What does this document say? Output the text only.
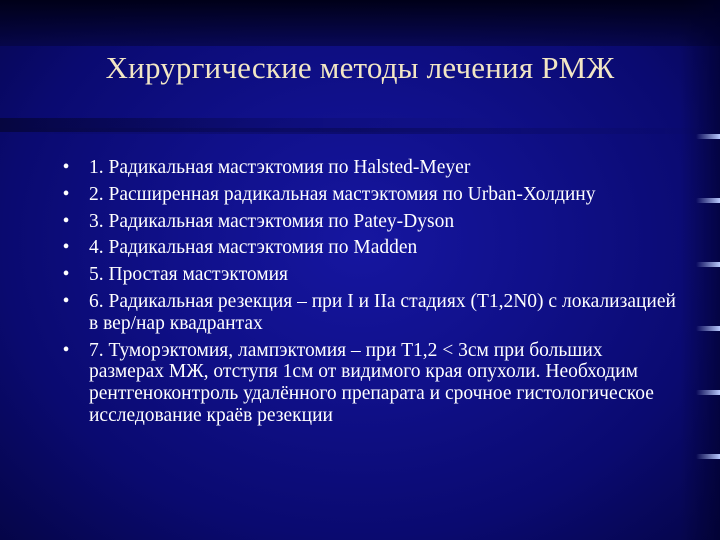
Хирургические методы лечения РМЖ
•	1. Радикальная мастэктомия по Halsted-Meyer
•	2. Расширенная радикальная мастэктомия по Urban-Холдину
•	3. Радикальная мастэктомия по Patey-Dyson
•	4. Радикальная мастэктомия по Madden
•	5. Простая мастэктомия
•	6. Радикальная резекция – при I и IIa стадиях (T1,2N0) с локализацией в вер/нар квадрантах
•	7. Туморэктомия, лампэктомия – при T1,2 < 3см при больших размерах МЖ, отступя 1см от видимого края опухоли. Необходим рентгеноконтроль удалённого препарата и срочное гистологическое исследование краёв резекции
